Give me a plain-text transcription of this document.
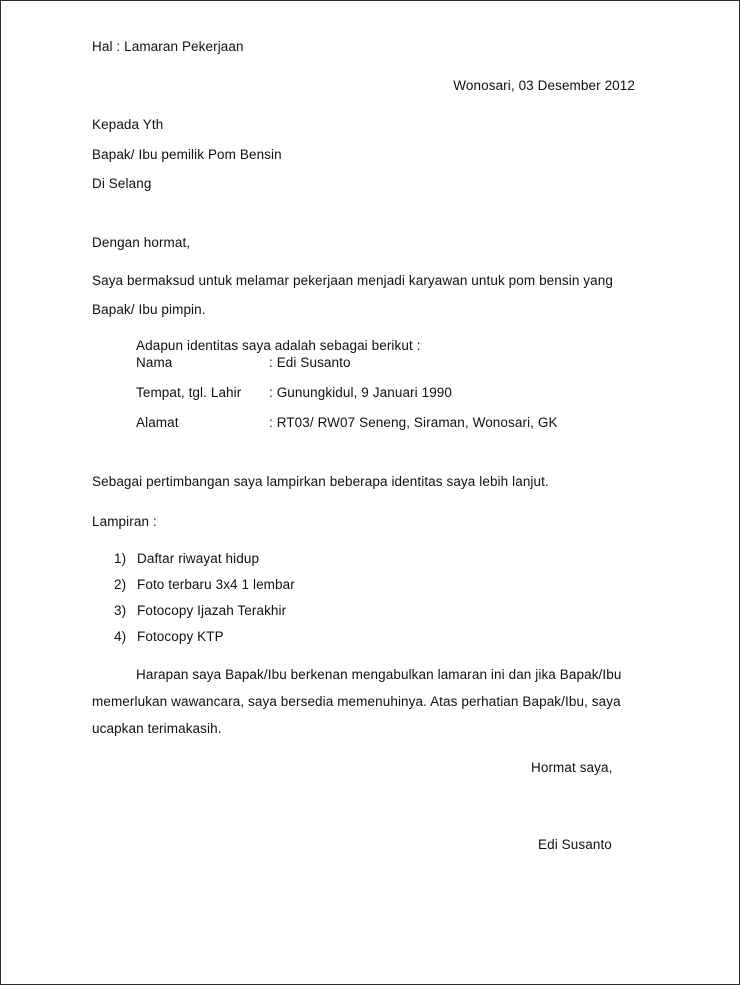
Hal : Lamaran Pekerjaan
Wonosari, 03 Desember 2012
Kepada Yth
Bapak/ Ibu pemilik Pom Bensin
Di Selang
Dengan hormat,
Saya bermaksud untuk melamar pekerjaan menjadi karyawan untuk pom bensin yang
Bapak/ Ibu pimpin.
Adapun identitas saya adalah sebagai berikut :
Nama	: Edi Susanto
Tempat, tgl. Lahir : Gunungkidul, 9 Januari 1990
Alamat	: RT03/ RW07 Seneng, Siraman, Wonosari, GK
Sebagai pertimbangan saya lampirkan beberapa identitas saya lebih lanjut.
Lampiran :
1) Daftar riwayat hidup
2) Foto terbaru 3x4 1 lembar
3) Fotocopy Ijazah Terakhir
4) Fotocopy KTP
Harapan saya Bapak/Ibu berkenan mengabulkan lamaran ini dan jika Bapak/Ibu
memerlukan wawancara, saya bersedia memenuhinya. Atas perhatian Bapak/Ibu, saya
ucapkan terimakasih.
Hormat saya,
Edi Susanto
